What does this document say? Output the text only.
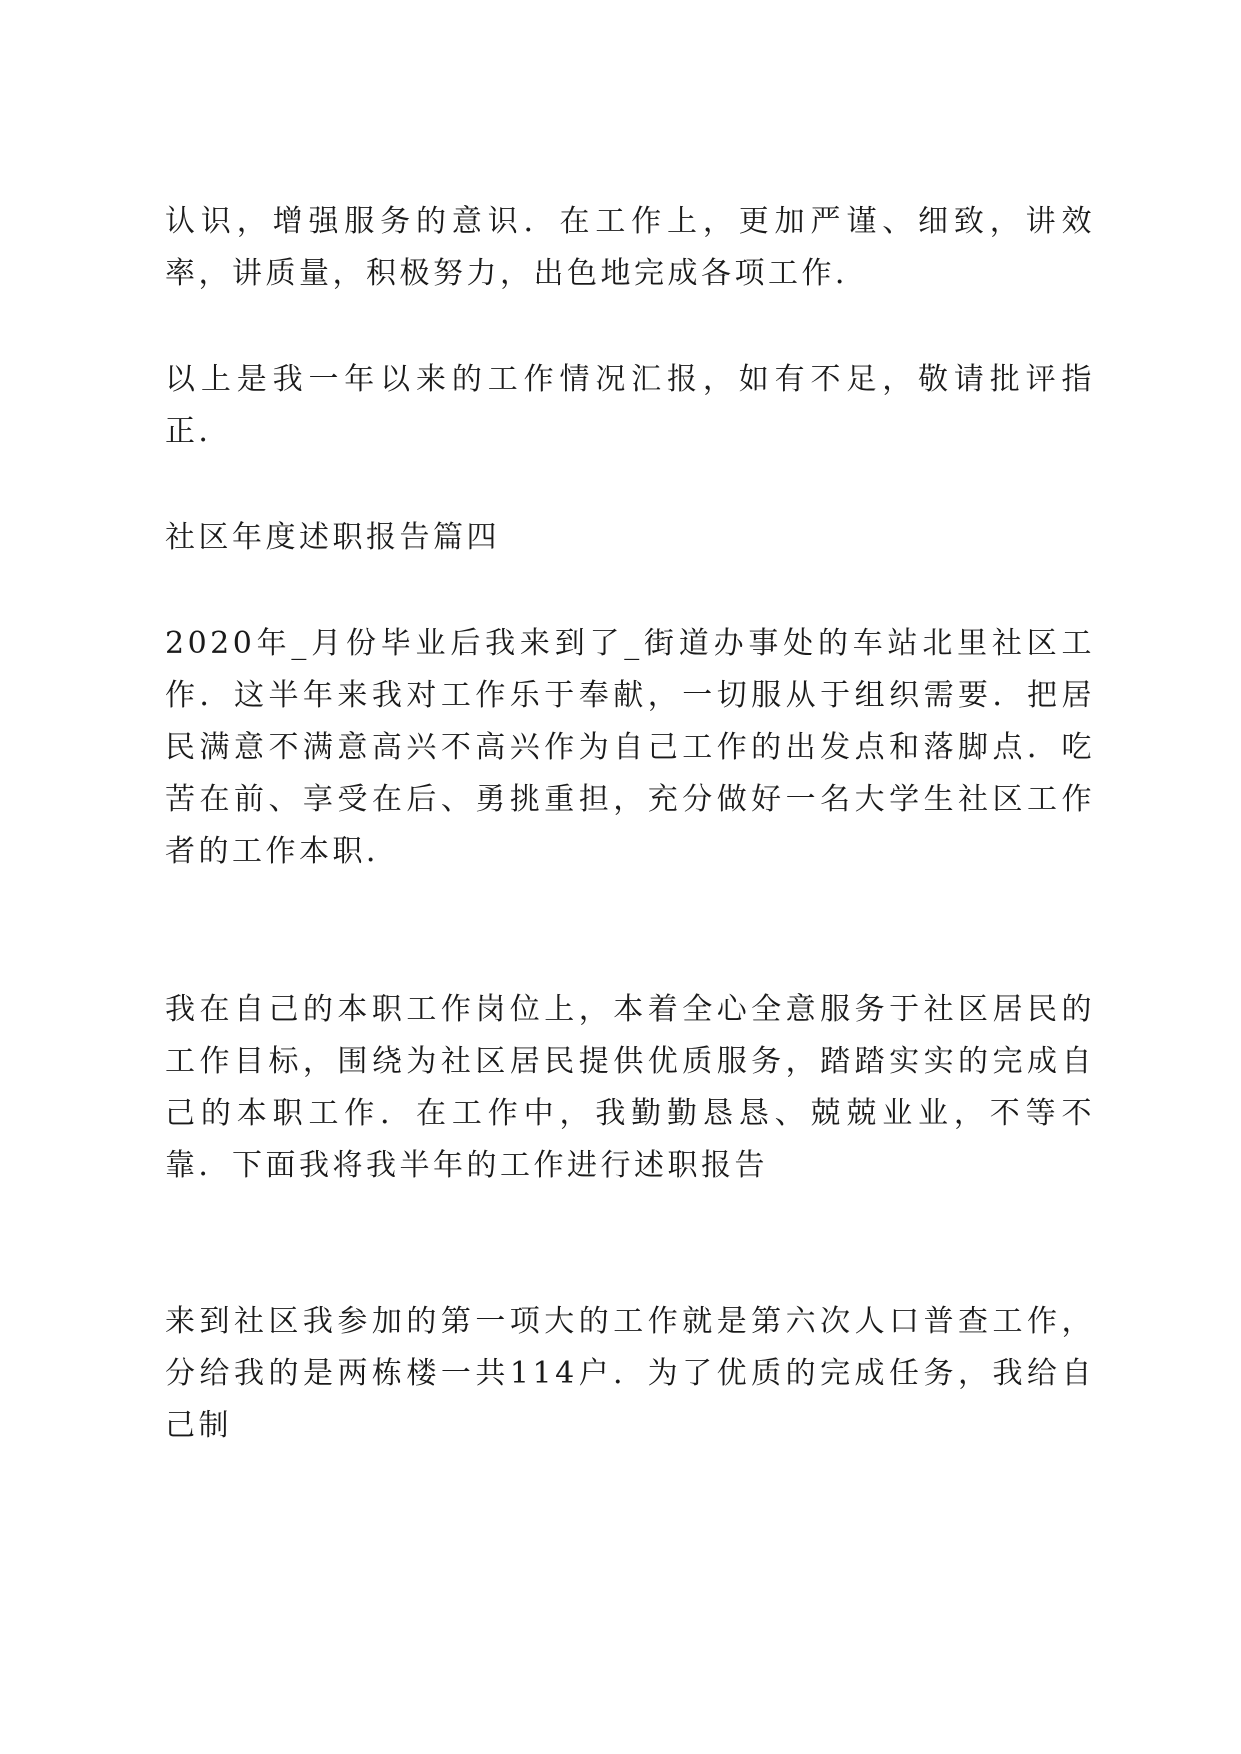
认识，增强服务的意识．在工作上，更加严谨、细致，讲效率，讲质量，积极努力，出色地完成各项工作．

以上是我一年以来的工作情况汇报，如有不足，敬请批评指正．

社区年度述职报告篇四

2020年_月份毕业后我来到了_街道办事处的车站北里社区工作．这半年来我对工作乐于奉献，一切服从于组织需要．把居民满意不满意高兴不高兴作为自己工作的出发点和落脚点．吃苦在前、享受在后、勇挑重担，充分做好一名大学生社区工作者的工作本职．

我在自己的本职工作岗位上，本着全心全意服务于社区居民的工作目标，围绕为社区居民提供优质服务，踏踏实实的完成自己的本职工作．在工作中，我勤勤恳恳、兢兢业业，不等不靠．下面我将我半年的工作进行述职报告

来到社区我参加的第一项大的工作就是第六次人口普查工作，分给我的是两栋楼一共114户．为了优质的完成任务，我给自己制
